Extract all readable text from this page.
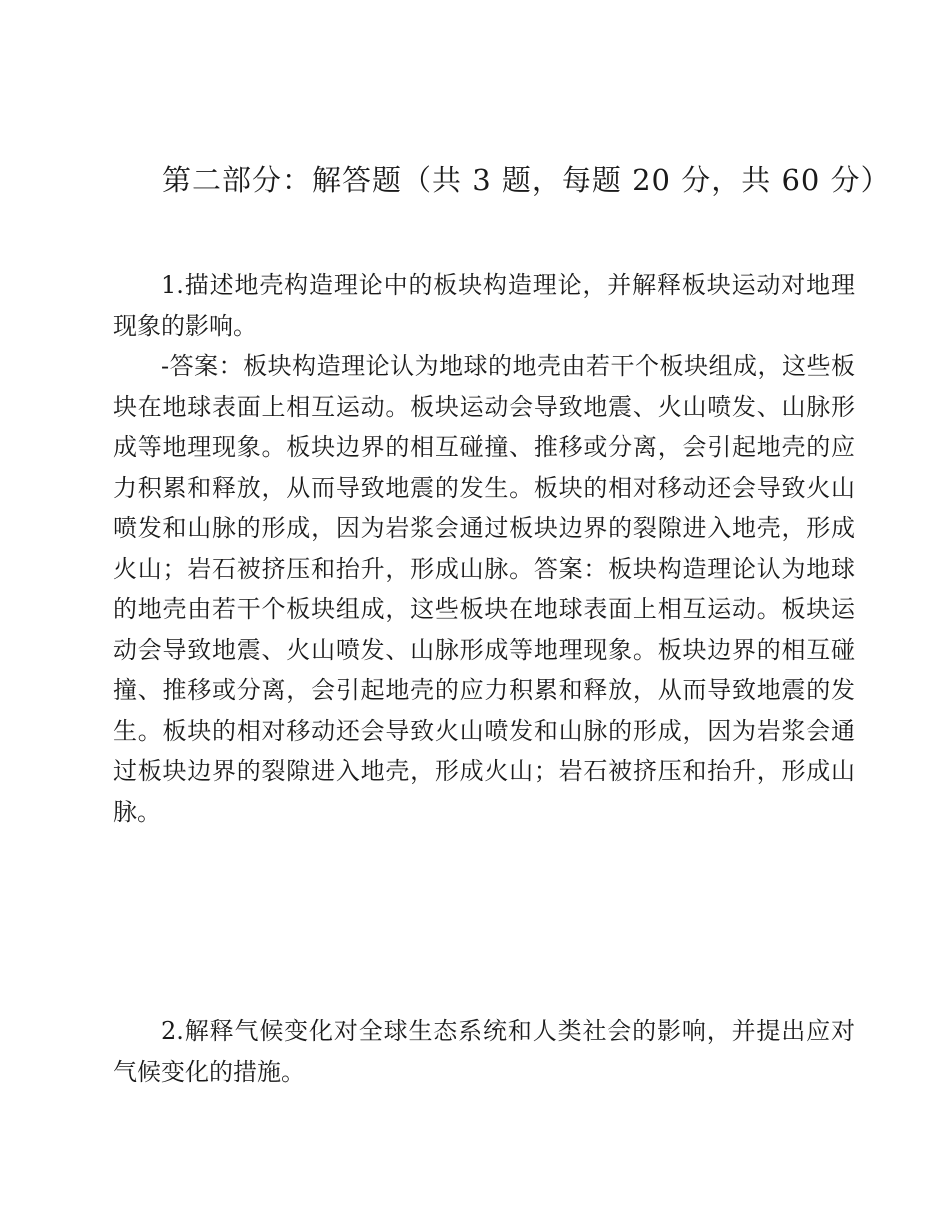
第二部分：解答题（共 3 题，每题 20 分，共 60 分）

1.描述地壳构造理论中的板块构造理论，并解释板块运动对地理现象的影响。

-答案：板块构造理论认为地球的地壳由若干个板块组成，这些板块在地球表面上相互运动。板块运动会导致地震、火山喷发、山脉形成等地理现象。板块边界的相互碰撞、推移或分离，会引起地壳的应力积累和释放，从而导致地震的发生。板块的相对移动还会导致火山喷发和山脉的形成，因为岩浆会通过板块边界的裂隙进入地壳，形成火山；岩石被挤压和抬升，形成山脉。答案：板块构造理论认为地球的地壳由若干个板块组成，这些板块在地球表面上相互运动。板块运动会导致地震、火山喷发、山脉形成等地理现象。板块边界的相互碰撞、推移或分离，会引起地壳的应力积累和释放，从而导致地震的发生。板块的相对移动还会导致火山喷发和山脉的形成，因为岩浆会通过板块边界的裂隙进入地壳，形成火山；岩石被挤压和抬升，形成山脉。

2.解释气候变化对全球生态系统和人类社会的影响，并提出应对气候变化的措施。
